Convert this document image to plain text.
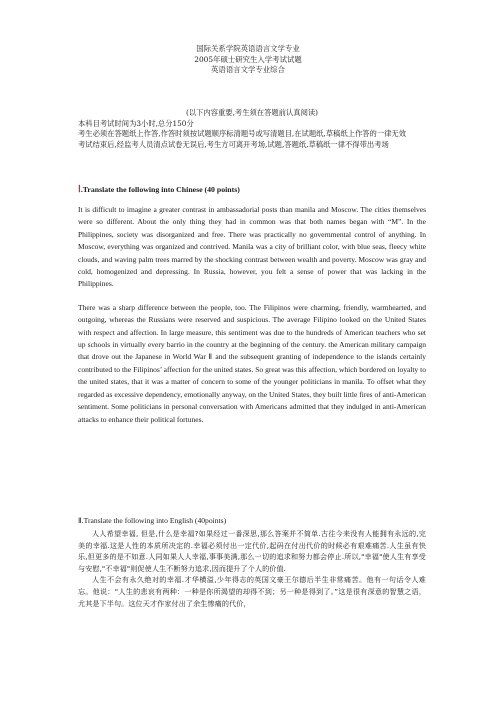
国际关系学院英语语言文学专业
2005年硕士研究生入学考试试题
英语语言文学专业综合
(以下内容重要,考生须在答题前认真阅读)
本科目考试时间为3小时,总分150分
考生必须在答题纸上作答,作答时须按试题顺序标清题号或写清题目,在试题纸,草稿纸上作答的一律无效
考试结束后,经监考人员清点试卷无误后,考生方可离开考场,试题,答题纸,草稿纸一律不得带出考场
Ⅰ.Translate the following into Chinese (40 points)

It is difficult to imagine a greater contrast in ambassadorial posts than manila and Moscow. The cities themselves were so different. About the only thing they had in common was that both names began with “M”. In the Philippines, society was disorganized and free. There was practically no governmental control of anything. In Moscow, everything was organized and contrived. Manila was a city of brilliant color, with blue seas, fleecy white clouds, and waving palm trees marred by the shocking contrast between wealth and poverty. Moscow was gray and cold, homogenized and depressing. In Russia, however, you felt a sense of power that was lacking in the Philippines.

There was a sharp difference between the people, too. The Filipinos were charming, friendly, warmhearted, and outgoing, whereas the Russians were reserved and suspicious. The average Filipino looked on the United States with respect and affection. In large measure, this sentiment was due to the hundreds of American teachers who set up schools in virtually every barrio in the country at the beginning of the century. the American military campaign that drove out the Japanese in World War Ⅱ and the subsequent granting of independence to the islands certainly contributed to the Filipinos’ affection for the united states. So great was this affection, which bordered on loyalty to the united states, that it was a matter of concern to some of the younger politicians in manila. To offset what they regarded as excessive dependency, emotionally anyway, on the United States, they built little fires of anti-American sentiment. Some politicians in personal conversation with Americans admitted that they indulged in anti-American attacks to enhance their political fortunes.

Ⅱ.Translate the following into English (40points)

人人希望幸福, 但是,什么是幸福?如果经过一番深思,那么答案并不简单.古往今来没有人能拥有永远的,完美的幸福.这是人性的本质所决定的.幸福必须付出一定代价,起码在付出代价的时候必有艰难痛苦.人生虽有快乐,但更多的是不如意.人同如果人人幸福,事事美满,那么一切的追求和努力都会停止.所以,"幸福"使人生有享受与安慰,"不幸福"则促使人生不断努力追求,因而提升了个人的价值.

人生不会有永久绝对的幸福.才华横溢,少年得志的英国文豪王尔德后半生非常痛苦。他有一句话令人难忘。他说：“人生的悲哀有两种：一种是你所渴望的却得不到；另一种是得到了。”这是很有深意的智慧之语，尤其是下半句。这位天才作家付出了余生惨痛的代价，
